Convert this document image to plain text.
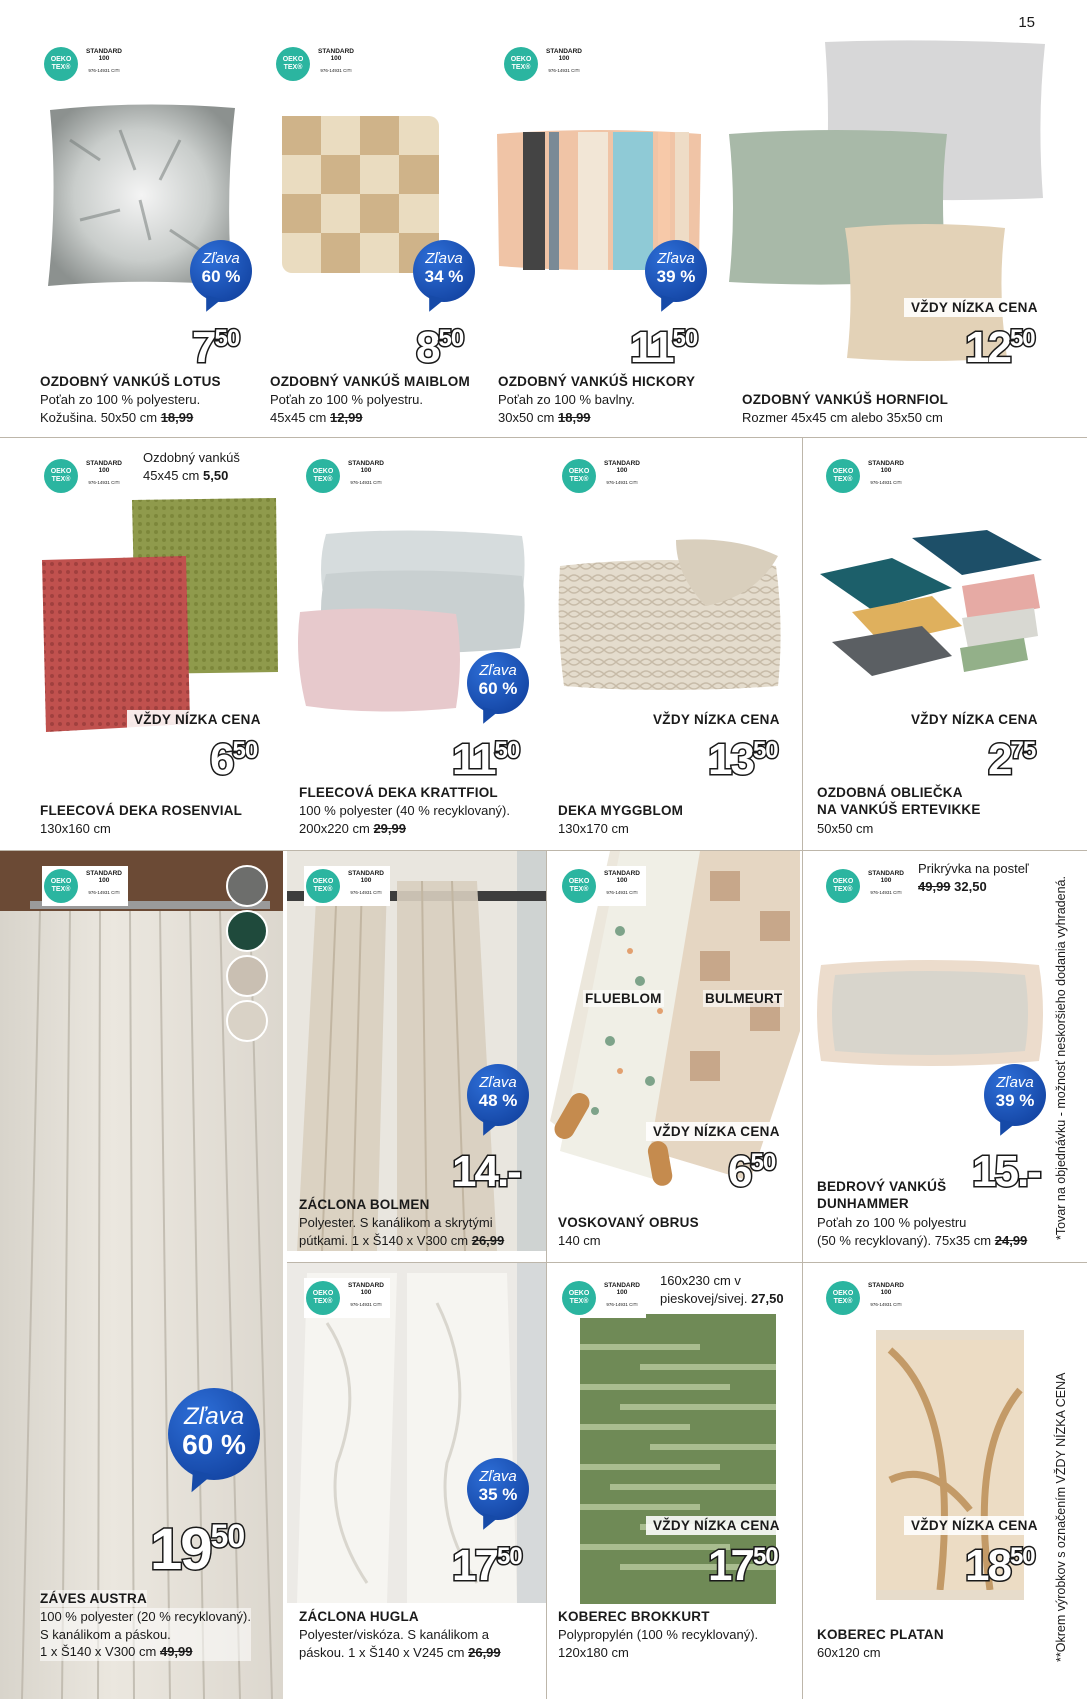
15
OEKO TEX®
STANDARD 100
976-14931 CITI
OEKO TEX®
STANDARD 100
976-14931 CITI
OEKO TEX®
STANDARD 100
976-14931 CITI
Zľava
60 %
Zľava
34 %
Zľava
39 %
VŽDY NÍZKA CENA
750	850	1150	1250
OZDOBNÝ VANKÚŠ LOTUS
Poťah zo 100 % polyesteru.
Kožušina. 50x50 cm 18,99
OZDOBNÝ VANKÚŠ MAIBLOM
Poťah zo 100 % polyestru.
45x45 cm 12,99
OZDOBNÝ VANKÚŠ HICKORY
Poťah zo 100 % bavlny.
30x50 cm 18,99
OZDOBNÝ VANKÚŠ HORNFIOL
Rozmer 45x45 cm alebo 35x50 cm
OEKO TEX®
STANDARD 100
976-14931 CITI
Ozdobný vankúš
45x45 cm 5,50	OEKO TEX®
STANDARD 100
976-14931 CITI
OEKO TEX®
STANDARD 100
976-14931 CITI
OEKO TEX®
STANDARD 100
976-14931 CITI
Zľava
60 %
VŽDY NÍZKA CENA	VŽDY NÍZKA CENA	VŽDY NÍZKA CENA
650	1150	1350	275
FLEECOVÁ DEKA ROSENVIAL
130x160 cm
FLEECOVÁ DEKA KRATTFIOL
100 % polyester (40 % recyklovaný).
200x220 cm 29,99
DEKA MYGGBLOM
130x170 cm
OZDOBNÁ OBLIEČKA
NA VANKÚŠ ERTEVIKKE
50x50 cm
OEKO TEX®
STANDARD 100
976-14931 CITI
OEKO TEX®
STANDARD 100
976-14931 CITI
OEKO TEX®
STANDARD 100
976-14931 CITI
OEKO TEX®
STANDARD 100
976-14931 CITI
Prikrývka na posteľ
49,99 32,50
FLUEBLOM	BULMEURT
Zľava
48 %
Zľava
39 %
VŽDY NÍZKA CENA
14.-	650	15.-
ZÁCLONA BOLMEN
Polyester. S kanálikom a skrytými
pútkami. 1 x Š140 x V300 cm 26,99
VOSKOVANÝ OBRUS
140 cm
BEDROVÝ VANKÚŠ
DUNHAMMER
Poťah zo 100 % polyestru
(50 % recyklovaný). 75x35 cm 24,99
OEKO TEX®
STANDARD 100
976-14931 CITI
OEKO TEX®
STANDARD 100
976-14931 CITI
160x230 cm v
pieskovej/sivej. 27,50	OEKO TEX®
STANDARD 100
976-14931 CITI
Zľava
60 %
Zľava
35 %
VŽDY NÍZKA CENA	VŽDY NÍZKA CENA
1950
1750	1750	1850
ZÁVES AUSTRA
100 % polyester (20 % recyklovaný).
S kanálikom a páskou.
1 x Š140 x V300 cm 49,99
ZÁCLONA HUGLA
Polyester/viskóza. S kanálikom a
páskou. 1 x Š140 x V245 cm 26,99
KOBEREC BROKKURT
Polypropylén (100 % recyklovaný).
120x180 cm
KOBEREC PLATAN
60x120 cm
*Tovar na objednávku - možnosť neskoršieho dodania vyhradená.
**Okrem výrobkov s označením VŽDY NÍZKA CENA
